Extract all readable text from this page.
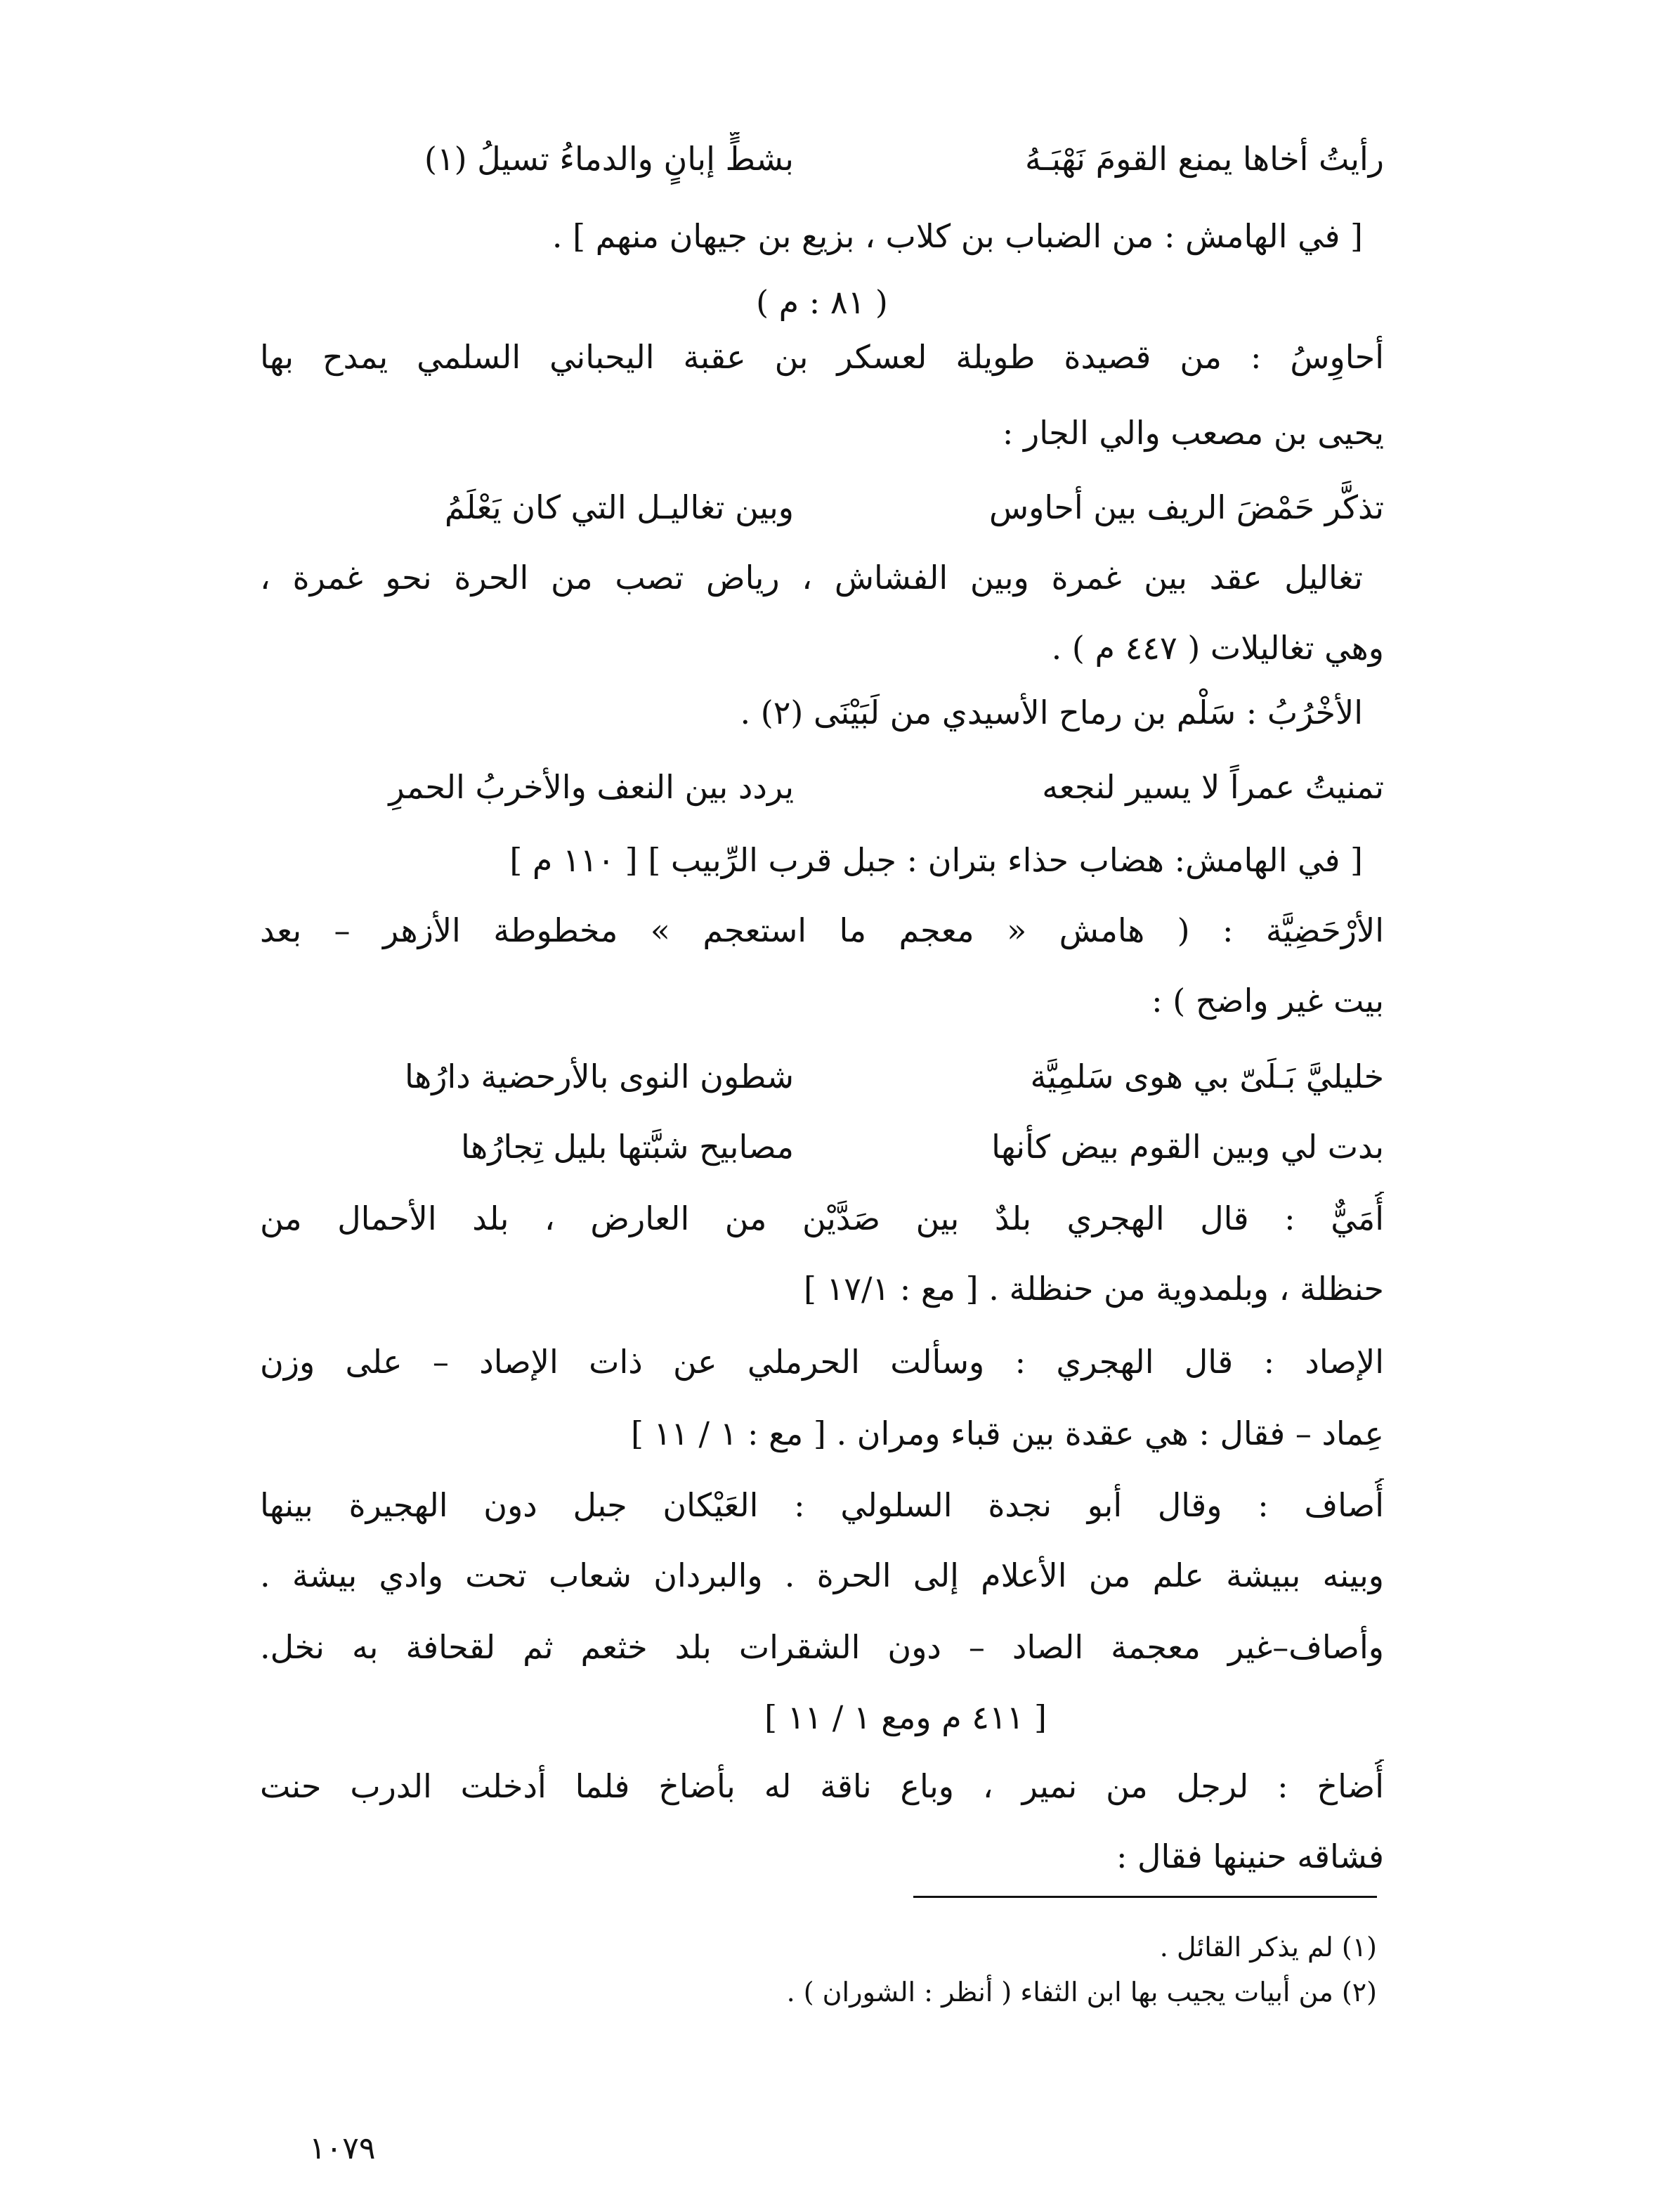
رأيتُ أخاها يمنع القومَ نَهْبَـهُ
بشطٍّ إبانٍ والدماءُ تسيلُ (١)
[ في الهامش : من الضباب بن كلاب ، بزيع بن جيهان منهم ] .
( ٨١ : م )
أحاوِسُ : من قصيدة طويلة لعسكر بن عقبة اليحباني السلمي يمدح بها
يحيى بن مصعب والي الجار :
تذكَّر حَمْضَ الريف بين أحاوس
وبين تغاليـل التي كان يَعْلَمُ
تغاليل عقد بين غمرة وبين الفشاش ، رياض تصب من الحرة نحو غمرة ،
وهي تغاليلات ( ٤٤٧ م ) .
الأخْرُبُ : سَلْم بن رماح الأسيدي من لَبَيْنَى (٢) .
تمنيتُ عمراً لا يسير لنجعه
يردد بين النعف والأخربُ الحمرِ
[ في الهامش: هضاب حذاء بتران : جبل قرب الرِّبيب ] [ ١١٠ م ]
الأرْحَضِيَّة : ( هامش « معجم ما استعجم » مخطوطة الأزهر – بعد
بيت غير واضح ) :
خليليَّ بَـلَىّ بي هوى سَلمِيَّة
شطون النوى بالأرحضية دارُها
بدت لي وبين القوم بيض كأنها
مصابيح شبَّتها بليل تِجارُها
أُمَيٌّ : قال الهجري بلدٌ بين صَدَّيْن من العارض ، بلد الأحمال من
حنظلة ، وبلمدوية من حنظلة . [ مع : ١٧/١ ]
الإصاد : قال الهجري : وسألت الحرملي عن ذات الإصاد – على وزن
عِماد – فقال : هي عقدة بين قباء ومران . [ مع : ١ / ١١ ]
أُصاف : وقال أبو نجدة السلولي : العَيْكان جبل دون الهجيرة بينها
وبينه ببيشة علم من الأعلام إلى الحرة . والبردان شعاب تحت وادي بيشة .
وأصاف–غير معجمة الصاد – دون الشقرات بلد خثعم ثم لقحافة به نخل.
[ ٤١١ م ومع ١ / ١١ ]
أُضاخ : لرجل من نمير ، وباع ناقة له بأضاخ فلما أدخلت الدرب حنت
فشاقه حنينها فقال :
(١) لم يذكر القائل .
(٢) من أبيات يجيب بها ابن الثفاء ( أنظر : الشوران ) .
١٠٧٩
